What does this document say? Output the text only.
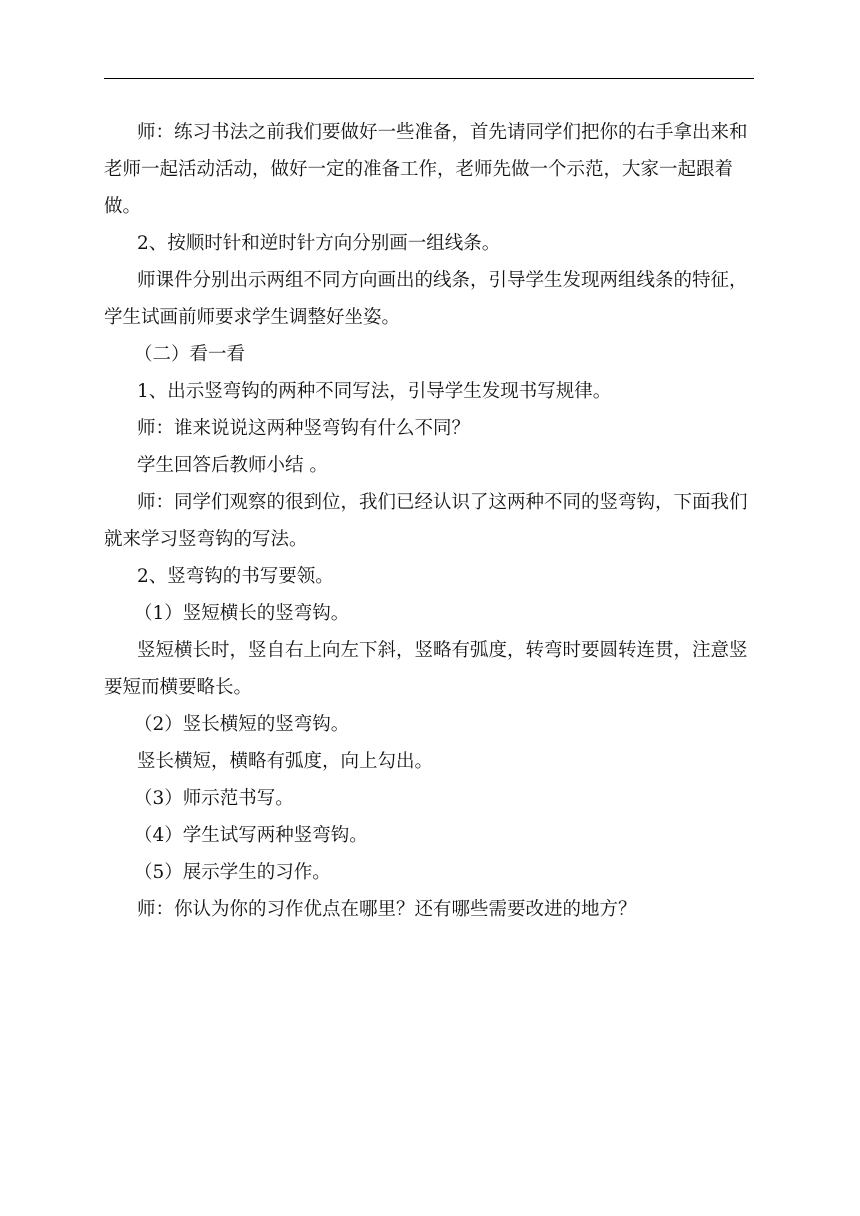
师：练习书法之前我们要做好一些准备，首先请同学们把你的右手拿出来和老师一起活动活动，做好一定的准备工作，老师先做一个示范，大家一起跟着做。

2、按顺时针和逆时针方向分别画一组线条。

师课件分别出示两组不同方向画出的线条，引导学生发现两组线条的特征，学生试画前师要求学生调整好坐姿。

（二）看一看

1、出示竖弯钩的两种不同写法，引导学生发现书写规律。

师：谁来说说这两种竖弯钩有什么不同？

学生回答后教师小结 。

师：同学们观察的很到位，我们已经认识了这两种不同的竖弯钩，下面我们就来学习竖弯钩的写法。

2、竖弯钩的书写要领。

（1）竖短横长的竖弯钩。

竖短横长时，竖自右上向左下斜，竖略有弧度，转弯时要圆转连贯，注意竖要短而横要略长。

（2）竖长横短的竖弯钩。

竖长横短，横略有弧度，向上勾出。

（3）师示范书写。

（4）学生试写两种竖弯钩。

（5）展示学生的习作。

师：你认为你的习作优点在哪里？还有哪些需要改进的地方？
